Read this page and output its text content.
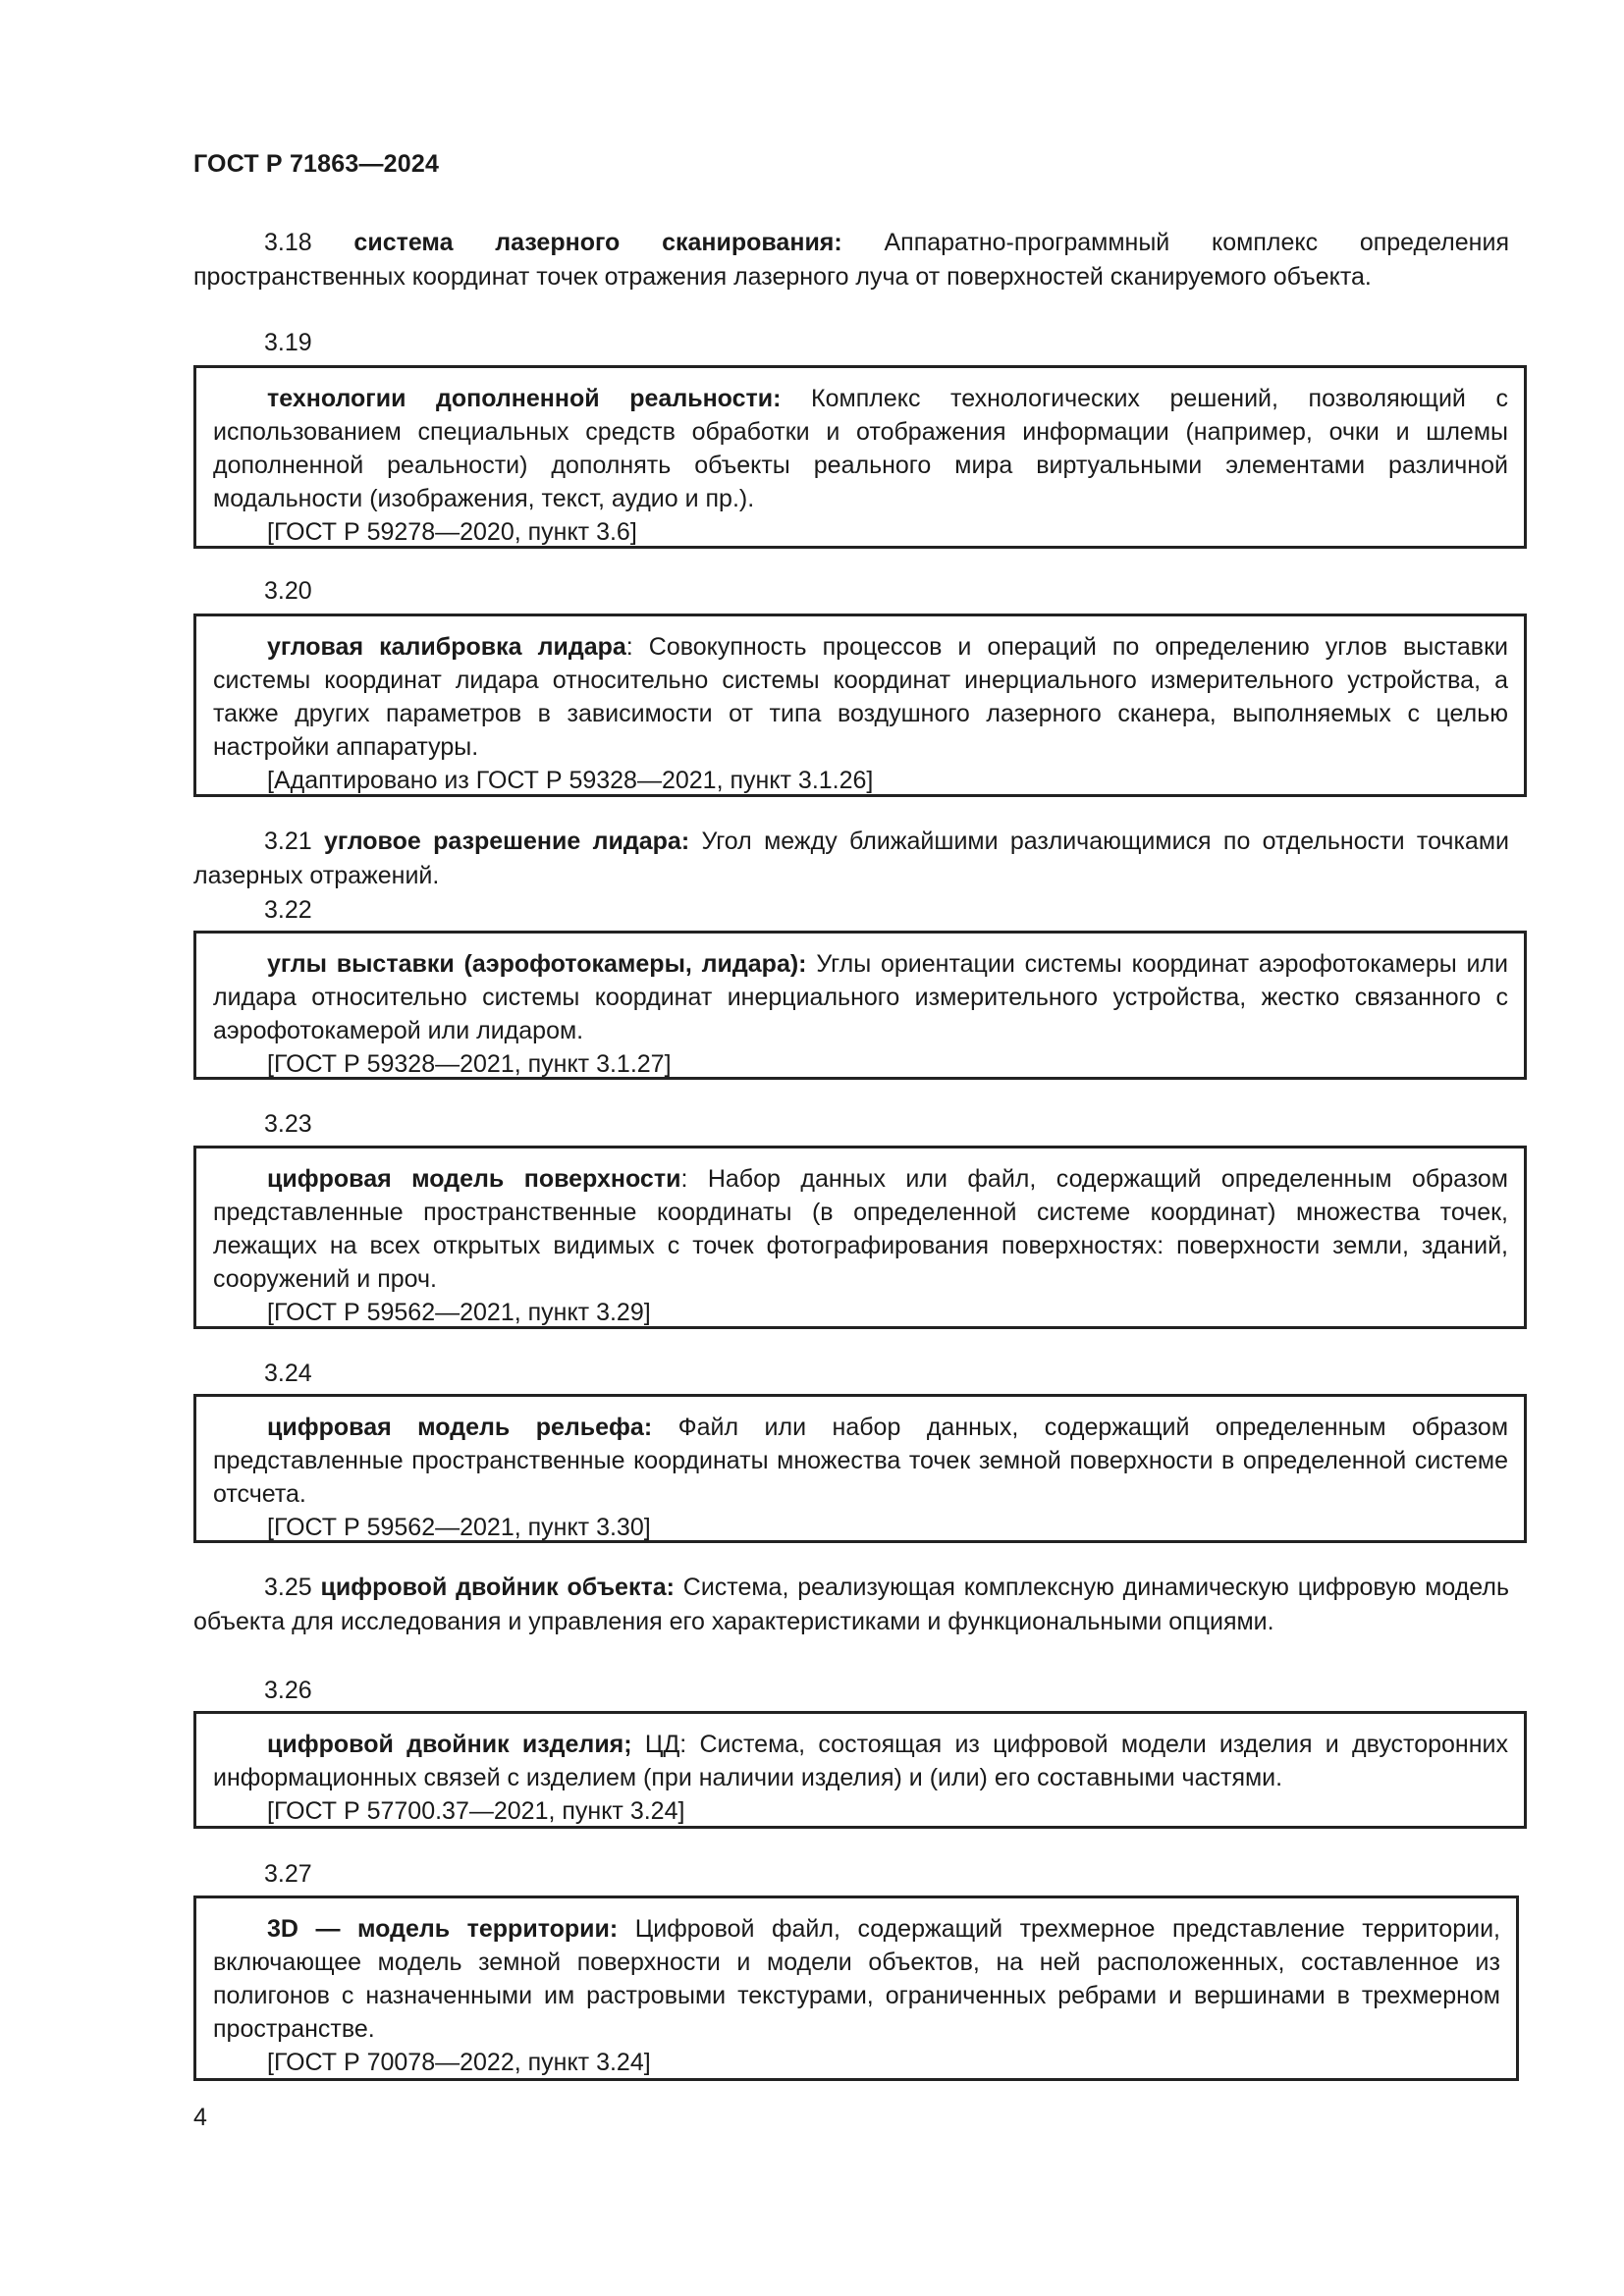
ГОСТ Р 71863—2024

3.18 система лазерного сканирования: Аппаратно-программный комплекс определения пространственных координат точек отражения лазерного луча от поверхностей сканируемого объекта.

3.19

технологии дополненной реальности: Комплекс технологических решений, позволяющий с использованием специальных средств обработки и отображения информации (например, очки и шлемы дополненной реальности) дополнять объекты реального мира виртуальными элементами различной модальности (изображения, текст, аудио и пр.).

[ГОСТ Р 59278—2020, пункт 3.6]

3.20

угловая калибровка лидара: Совокупность процессов и операций по определению углов выставки системы координат лидара относительно системы координат инерциального измерительного устройства, а также других параметров в зависимости от типа воздушного лазерного сканера, выполняемых с целью настройки аппаратуры.

[Адаптировано из ГОСТ Р 59328—2021, пункт 3.1.26]

3.21 угловое разрешение лидара: Угол между ближайшими различающимися по отдельности точками лазерных отражений.

3.22

углы выставки (аэрофотокамеры, лидара): Углы ориентации системы координат аэрофотокамеры или лидара относительно системы координат инерциального измерительного устройства, жестко связанного с аэрофотокамерой или лидаром.

[ГОСТ Р 59328—2021, пункт 3.1.27]

3.23

цифровая модель поверхности: Набор данных или файл, содержащий определенным образом представленные пространственные координаты (в определенной системе координат) множества точек, лежащих на всех открытых видимых с точек фотографирования поверхностях: поверхности земли, зданий, сооружений и проч.

[ГОСТ Р 59562—2021, пункт 3.29]

3.24

цифровая модель рельефа: Файл или набор данных, содержащий определенным образом представленные пространственные координаты множества точек земной поверхности в определенной системе отсчета.

[ГОСТ Р 59562—2021, пункт 3.30]

3.25 цифровой двойник объекта: Система, реализующая комплексную динамическую цифровую модель объекта для исследования и управления его характеристиками и функциональными опциями.

3.26

цифровой двойник изделия; ЦД: Система, состоящая из цифровой модели изделия и двусторонних информационных связей с изделием (при наличии изделия) и (или) его составными частями.

[ГОСТ Р 57700.37—2021, пункт 3.24]

3.27

3D — модель территории: Цифровой файл, содержащий трехмерное представление территории, включающее модель земной поверхности и модели объектов, на ней расположенных, составленное из полигонов с назначенными им растровыми текстурами, ограниченных ребрами и вершинами в трехмерном пространстве.

[ГОСТ Р 70078—2022, пункт 3.24]

4
